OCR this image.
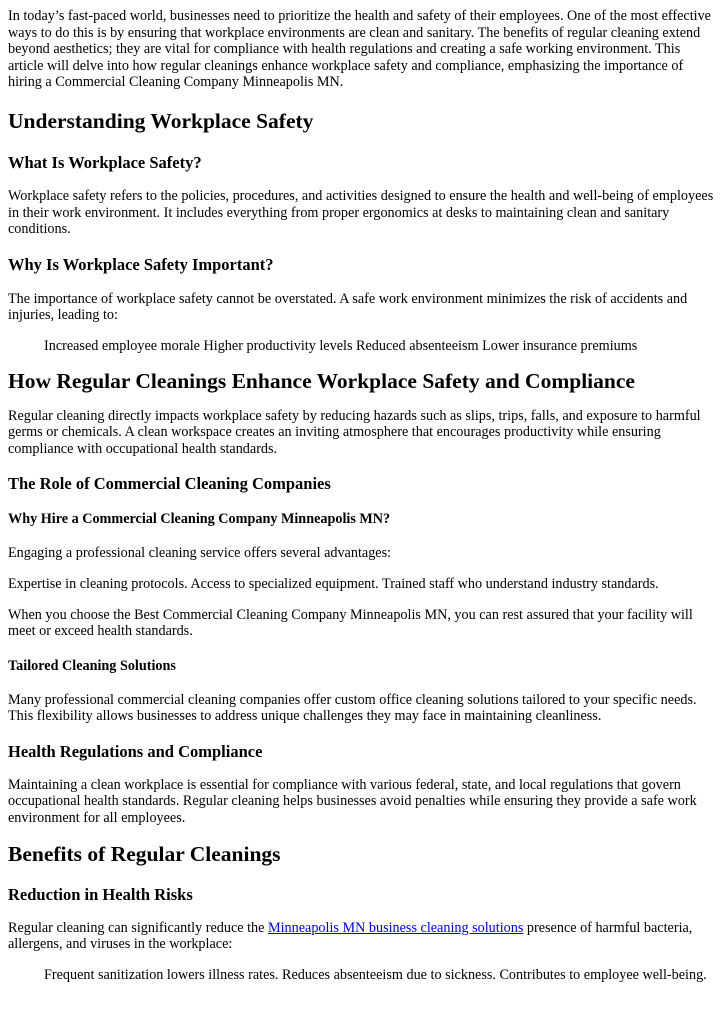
In today’s fast-paced world, businesses need to prioritize the health and safety of their employees. One of the most effective ways to do this is by ensuring that workplace environments are clean and sanitary. The benefits of regular cleaning extend beyond aesthetics; they are vital for compliance with health regulations and creating a safe working environment. This article will delve into how regular cleanings enhance workplace safety and compliance, emphasizing the importance of hiring a Commercial Cleaning Company Minneapolis MN.

Understanding Workplace Safety
What Is Workplace Safety?

Workplace safety refers to the policies, procedures, and activities designed to ensure the health and well-being of employees in their work environment. It includes everything from proper ergonomics at desks to maintaining clean and sanitary conditions.

Why Is Workplace Safety Important?

The importance of workplace safety cannot be overstated. A safe work environment minimizes the risk of accidents and injuries, leading to:

Increased employee morale Higher productivity levels Reduced absenteeism Lower insurance premiums

How Regular Cleanings Enhance Workplace Safety and Compliance

Regular cleaning directly impacts workplace safety by reducing hazards such as slips, trips, falls, and exposure to harmful germs or chemicals. A clean workspace creates an inviting atmosphere that encourages productivity while ensuring compliance with occupational health standards.

The Role of Commercial Cleaning Companies
Why Hire a Commercial Cleaning Company Minneapolis MN?

Engaging a professional cleaning service offers several advantages:

Expertise in cleaning protocols. Access to specialized equipment. Trained staff who understand industry standards.

When you choose the Best Commercial Cleaning Company Minneapolis MN, you can rest assured that your facility will meet or exceed health standards.

Tailored Cleaning Solutions

Many professional commercial cleaning companies offer custom office cleaning solutions tailored to your specific needs. This flexibility allows businesses to address unique challenges they may face in maintaining cleanliness.

Health Regulations and Compliance

Maintaining a clean workplace is essential for compliance with various federal, state, and local regulations that govern occupational health standards. Regular cleaning helps businesses avoid penalties while ensuring they provide a safe work environment for all employees.

Benefits of Regular Cleanings
Reduction in Health Risks

Regular cleaning can significantly reduce the Minneapolis MN business cleaning solutions presence of harmful bacteria, allergens, and viruses in the workplace:

Frequent sanitization lowers illness rates. Reduces absenteeism due to sickness. Contributes to employee well-being.
